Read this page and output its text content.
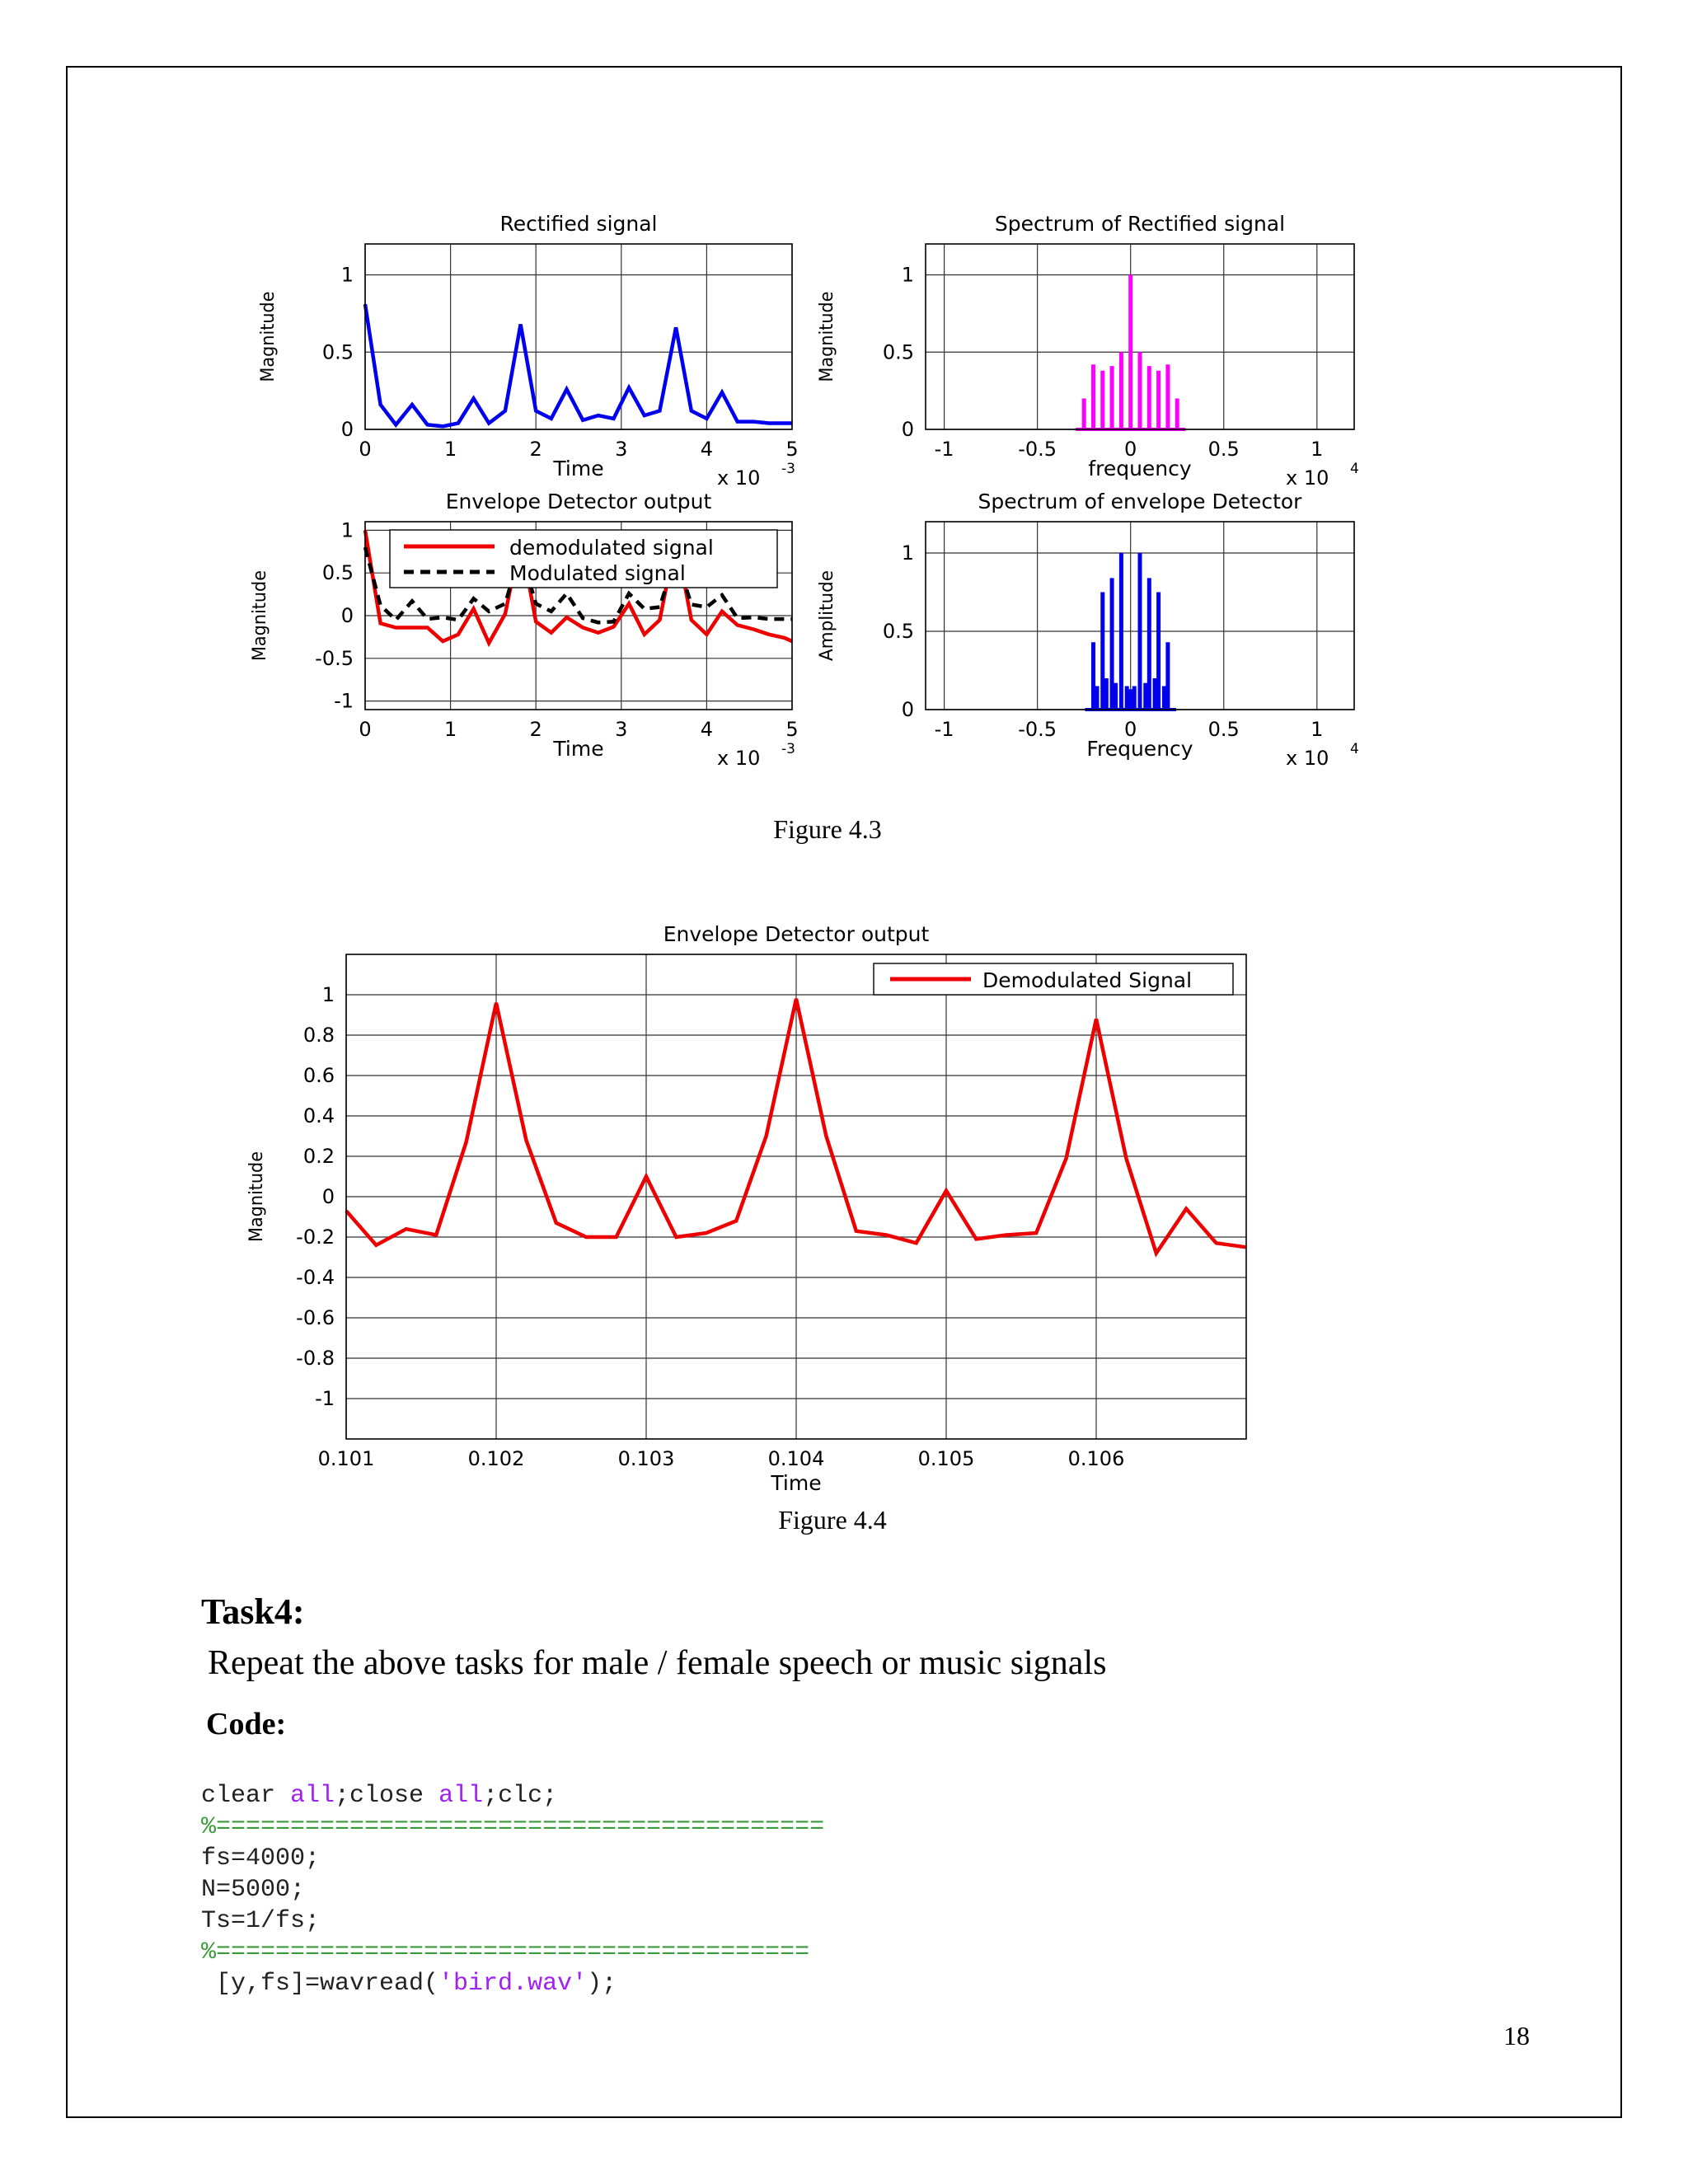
0	1	2	3	4	5
0
0.5
1
Rectified signal
Time
Magnitude
x 10 -3
-1	-0.5	0	0.5	1
0
0.5
1
Spectrum of Rectified signal
frequency
Magnitude
x 10 4
0	1	2	3	4	5
-1
-0.5
0
0.5
1
Envelope Detector output
Time
Magnitude
x 10 -3
demodulated signal
Modulated signal
-1	-0.5	0	0.5	1
0
0.5
1
Spectrum of envelope Detector
Frequency
Amplitude
x 10 4
0.101	0.102	0.103	0.104	0.105	0.106
-1
-0.8
-0.6
-0.4
-0.2
0
0.2
0.4
0.6
0.8
1
Envelope Detector output
Time
Magnitude
Demodulated Signal
Figure 4.3
Figure 4.4
Task4:
Repeat the above tasks for male / female speech or music signals
Code:
clear all;close all;clc;
%=========================================
fs=4000;
N=5000;
Ts=1/fs;
%========================================
[y,fs]=wavread('bird.wav');
18
